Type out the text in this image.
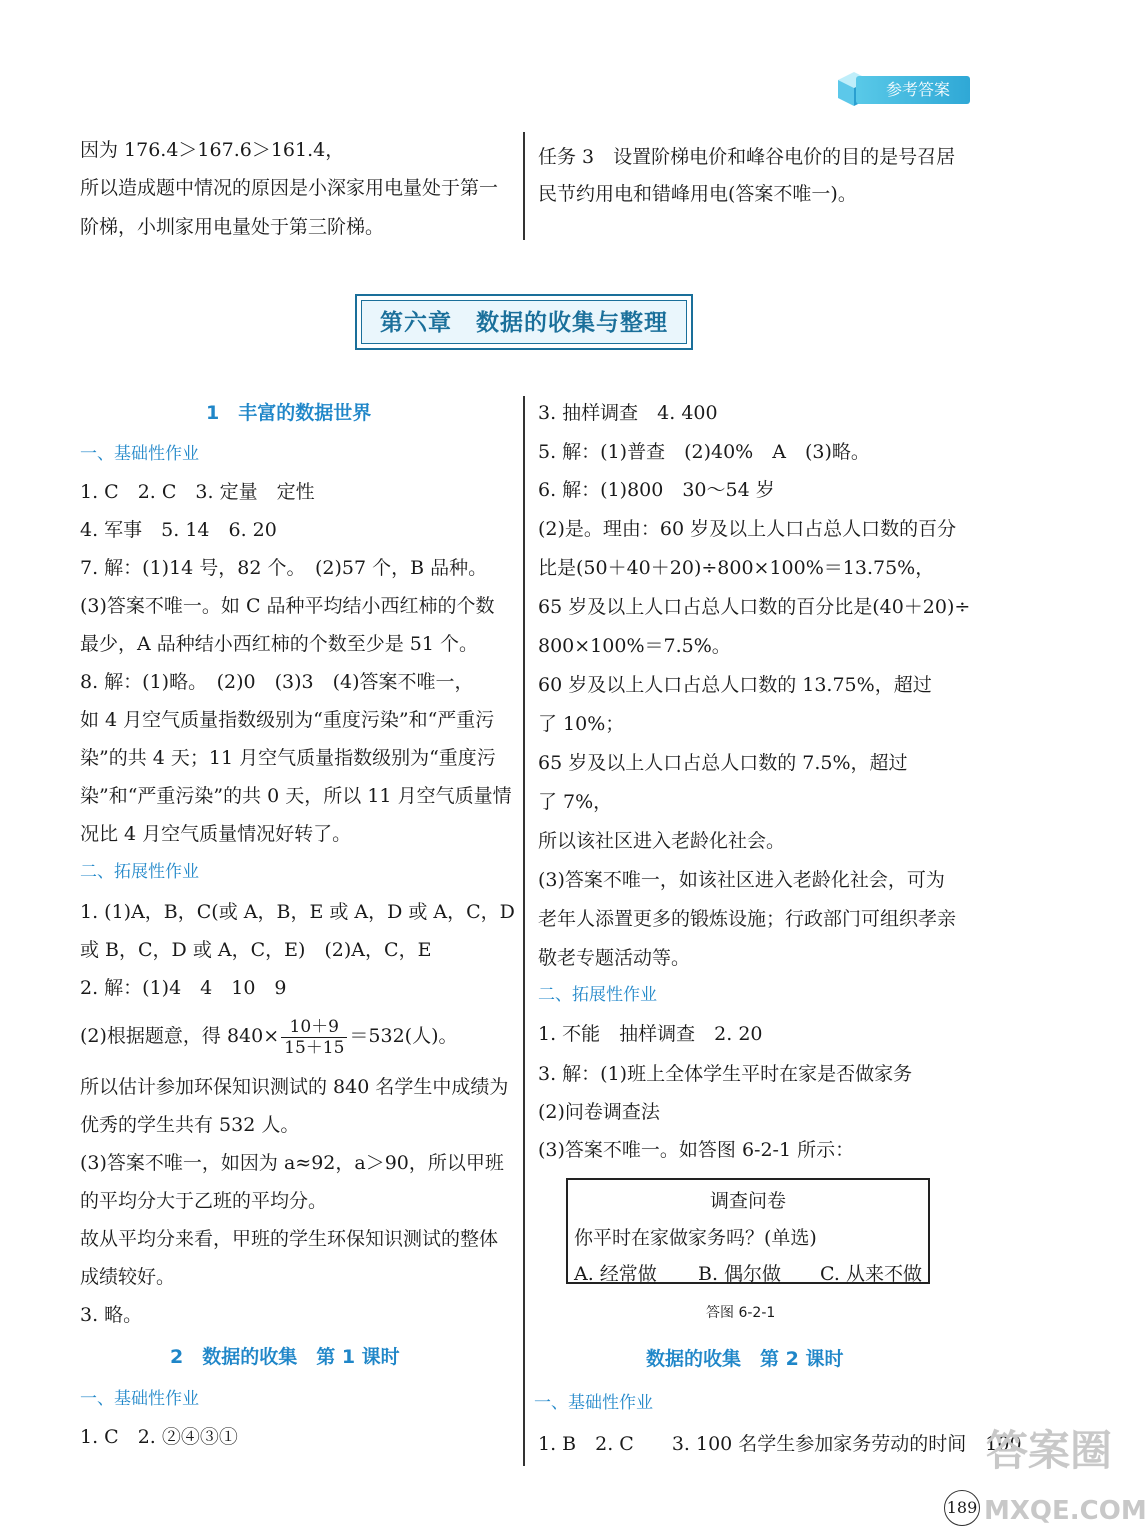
参考答案
因为 176.4＞167.6＞161.4，
所以造成题中情况的原因是小深家用电量处于第一
阶梯，小圳家用电量处于第三阶梯。
任务 3　设置阶梯电价和峰谷电价的目的是号召居
民节约用电和错峰用电(答案不唯一)。
第六章　数据的收集与整理
1　丰富的数据世界
一、基础性作业
1. C　2. C　3. 定量　定性
4. 军事　5. 14　6. 20
7. 解：(1)14 号，82 个。　(2)57 个，B 品种。
(3)答案不唯一。如 C 品种平均结小西红柿的个数
最少，A 品种结小西红柿的个数至少是 51 个。
8. 解：(1)略。　(2)0　(3)3　(4)答案不唯一，
如 4 月空气质量指数级别为“重度污染”和“严重污
染”的共 4 天；11 月空气质量指数级别为“重度污
染”和“严重污染”的共 0 天，所以 11 月空气质量情
况比 4 月空气质量情况好转了。
二、拓展性作业
1. (1)A，B，C(或 A，B，E 或 A，D 或 A，C，D
或 B，C，D 或 A，C，E)　(2)A，C，E
2. 解：(1)4　4　10　9
(2)根据题意，得 $840\times \frac{10+9}{15+15} =532$(人)。
所以估计参加环保知识测试的 840 名学生中成绩为
优秀的学生共有 532 人。
(3)答案不唯一，如因为 a≈92，a＞90，所以甲班
的平均分大于乙班的平均分。
故从平均分来看，甲班的学生环保知识测试的整体
成绩较好。
3. 略。
2　数据的收集　第 1 课时
一、基础性作业
1. C　2. ②④③①
3. 抽样调查　4. 400
5. 解：(1)普查　(2)40%　A　(3)略。
6. 解：(1)800　30～54 岁
(2)是。理由：60 岁及以上人口占总人口数的百分
比是(50＋40＋20)÷800×100%＝13.75%，
65 岁及以上人口占总人口数的百分比是(40＋20)÷
800×100%＝7.5%。
60 岁及以上人口占总人口数的 13.75%，超过
了 10%；
65 岁及以上人口占总人口数的 7.5%，超过
了 7%，
所以该社区进入老龄化社会。
(3)答案不唯一，如该社区进入老龄化社会，可为
老年人添置更多的锻炼设施；行政部门可组织孝亲
敬老专题活动等。
二、拓展性作业
1. 不能　抽样调查　2. 20
3. 解：(1)班上全体学生平时在家是否做家务
(2)问卷调查法
(3)答案不唯一。如答图 6-2-1 所示：
调查问卷
你平时在家做家务吗？(单选)
A. 经常做 B. 偶尔做 C. 从来不做
答图 6-2-1
数据的收集　第 2 课时
一、基础性作业
1. B　2. C　　3. 100 名学生参加家务劳动的时间　100
189
答案圈
MXQE.COM
